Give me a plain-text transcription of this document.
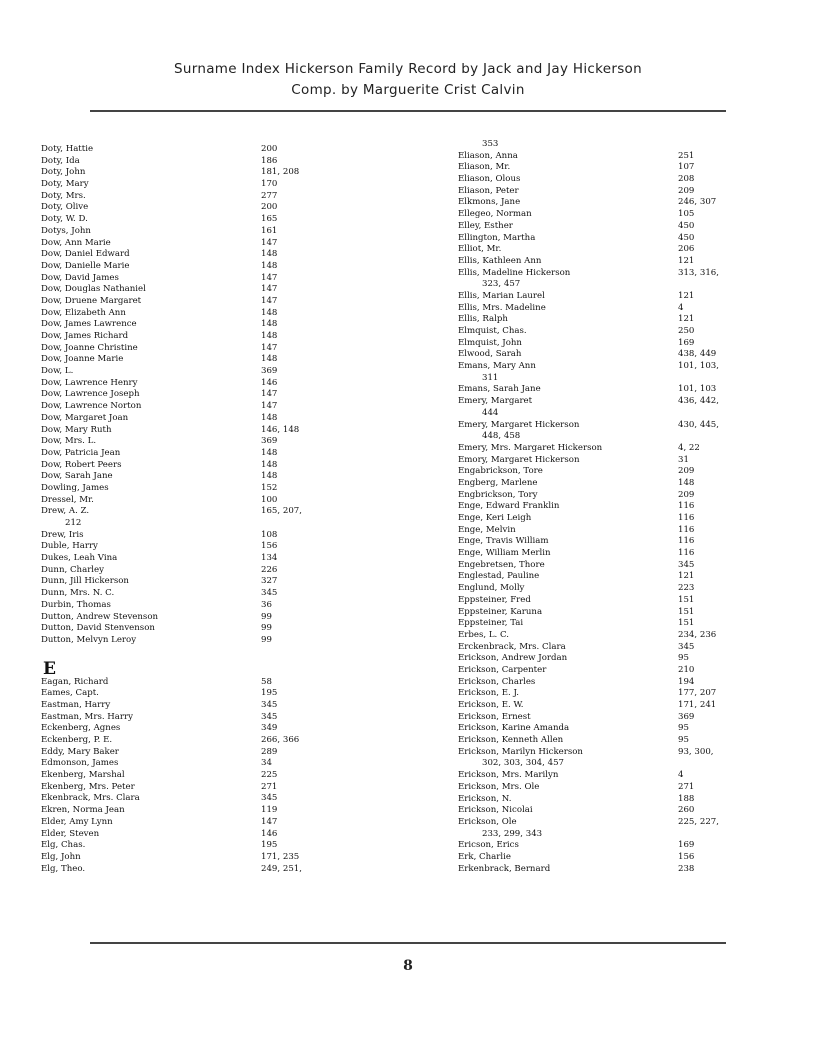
Surname Index Hickerson Family Record by Jack and Jay Hickerson
Comp. by Marguerite Crist Calvin
Doty, Hattie	200
Doty, Ida	186
Doty, John	181, 208
Doty, Mary	170
Doty, Mrs.	277
Doty, Olive	200
Doty, W. D.	165
Dotys, John	161
Dow, Ann Marie	147
Dow, Daniel Edward	148
Dow, Danielle Marie	148
Dow, David James	147
Dow, Douglas Nathaniel	147
Dow, Druene Margaret	147
Dow, Elizabeth Ann	148
Dow, James Lawrence	148
Dow, James Richard	148
Dow, Joanne Christine	147
Dow, Joanne Marie	148
Dow, L.	369
Dow, Lawrence Henry	146
Dow, Lawrence Joseph	147
Dow, Lawrence Norton	147
Dow, Margaret Joan	148
Dow, Mary Ruth	146, 148
Dow, Mrs. L.	369
Dow, Patricia Jean	148
Dow, Robert Peers	148
Dow, Sarah Jane	148
Dowling, James	152
Dressel, Mr.	100
Drew, A. Z.	165, 207,
212
Drew, Iris	108
Duble, Harry	156
Dukes, Leah Vina	134
Dunn, Charley	226
Dunn, Jill Hickerson	327
Dunn, Mrs. N. C.	345
Durbin, Thomas	36
Dutton, Andrew Stevenson	99
Dutton, David Stenvenson	99
Dutton, Melvyn Leroy	99
E
Eagan, Richard	58
Eames, Capt.	195
Eastman, Harry	345
Eastman, Mrs. Harry	345
Eckenberg, Agnes	349
Eckenberg, P. E.	266, 366
Eddy, Mary Baker	289
Edmonson, James	34
Ekenberg, Marshal	225
Ekenberg, Mrs. Peter	271
Ekenbrack, Mrs. Clara	345
Ekren, Norma Jean	119
Elder, Amy Lynn	147
Elder, Steven	146
Elg, Chas.	195
Elg, John	171, 235
Elg, Theo.	249, 251,
353
Eliason, Anna	251
Eliason, Mr.	107
Eliason, Olous	208
Eliason, Peter	209
Elkmons, Jane	246, 307
Ellegeo, Norman	105
Elley, Esther	450
Ellington, Martha	450
Elliot, Mr.	206
Ellis, Kathleen Ann	121
Ellis, Madeline Hickerson	313, 316,
323, 457
Ellis, Marian Laurel	121
Ellis, Mrs. Madeline	4
Ellis, Ralph	121
Elmquist, Chas.	250
Elmquist, John	169
Elwood, Sarah	438, 449
Emans, Mary Ann	101, 103,
311
Emans, Sarah Jane	101, 103
Emery, Margaret	436, 442,
444
Emery, Margaret Hickerson	430, 445,
448, 458
Emery, Mrs. Margaret Hickerson	4, 22
Emory, Margaret Hickerson	31
Engabrickson, Tore	209
Engberg, Marlene	148
Engbrickson, Tory	209
Enge, Edward Franklin	116
Enge, Keri Leigh	116
Enge, Melvin	116
Enge, Travis William	116
Enge, William Merlin	116
Engebretsen, Thore	345
Englestad, Pauline	121
Englund, Molly	223
Eppsteiner, Fred	151
Eppsteiner, Karuna	151
Eppsteiner, Tai	151
Erbes, L. C.	234, 236
Erckenbrack, Mrs. Clara	345
Erickson, Andrew Jordan	95
Erickson, Carpenter	210
Erickson, Charles	194
Erickson, E. J.	177, 207
Erickson, E. W.	171, 241
Erickson, Ernest	369
Erickson, Karine Amanda	95
Erickson, Kenneth Allen	95
Erickson, Marilyn Hickerson	93, 300,
302, 303, 304, 457
Erickson, Mrs. Marilyn	4
Erickson, Mrs. Ole	271
Erickson, N.	188
Erickson, Nicolai	260
Erickson, Ole	225, 227,
233, 299, 343
Ericson, Erics	169
Erk, Charlie	156
Erkenbrack, Bernard	238
8
